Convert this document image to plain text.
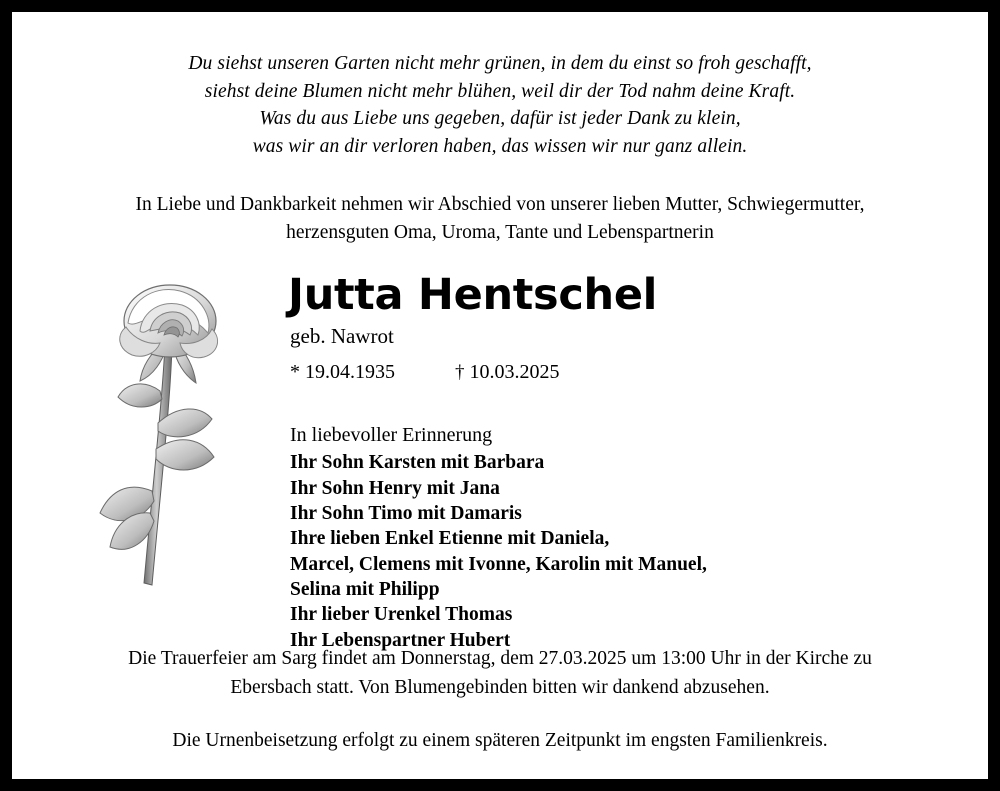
Du siehst unseren Garten nicht mehr grünen, in dem du einst so froh geschafft,
siehst deine Blumen nicht mehr blühen, weil dir der Tod nahm deine Kraft.
Was du aus Liebe uns gegeben, dafür ist jeder Dank zu klein,
was wir an dir verloren haben, das wissen wir nur ganz allein.
In Liebe und Dankbarkeit nehmen wir Abschied von unserer lieben Mutter, Schwiegermutter,
herzensguten Oma, Uroma, Tante und Lebenspartnerin
Jutta Hentschel
geb. Nawrot
* 19.04.1935	† 10.03.2025
In liebevoller Erinnerung
Ihr Sohn Karsten mit Barbara
Ihr Sohn Henry mit Jana
Ihr Sohn Timo mit Damaris
Ihre lieben Enkel Etienne mit Daniela,
Marcel, Clemens mit Ivonne, Karolin mit Manuel,
Selina mit Philipp
Ihr lieber Urenkel Thomas
Ihr Lebenspartner Hubert
Die Trauerfeier am Sarg findet am Donnerstag, dem 27.03.2025 um 13:00 Uhr in der Kirche zu
Ebersbach statt. Von Blumengebinden bitten wir dankend abzusehen.
Die Urnenbeisetzung erfolgt zu einem späteren Zeitpunkt im engsten Familienkreis.
